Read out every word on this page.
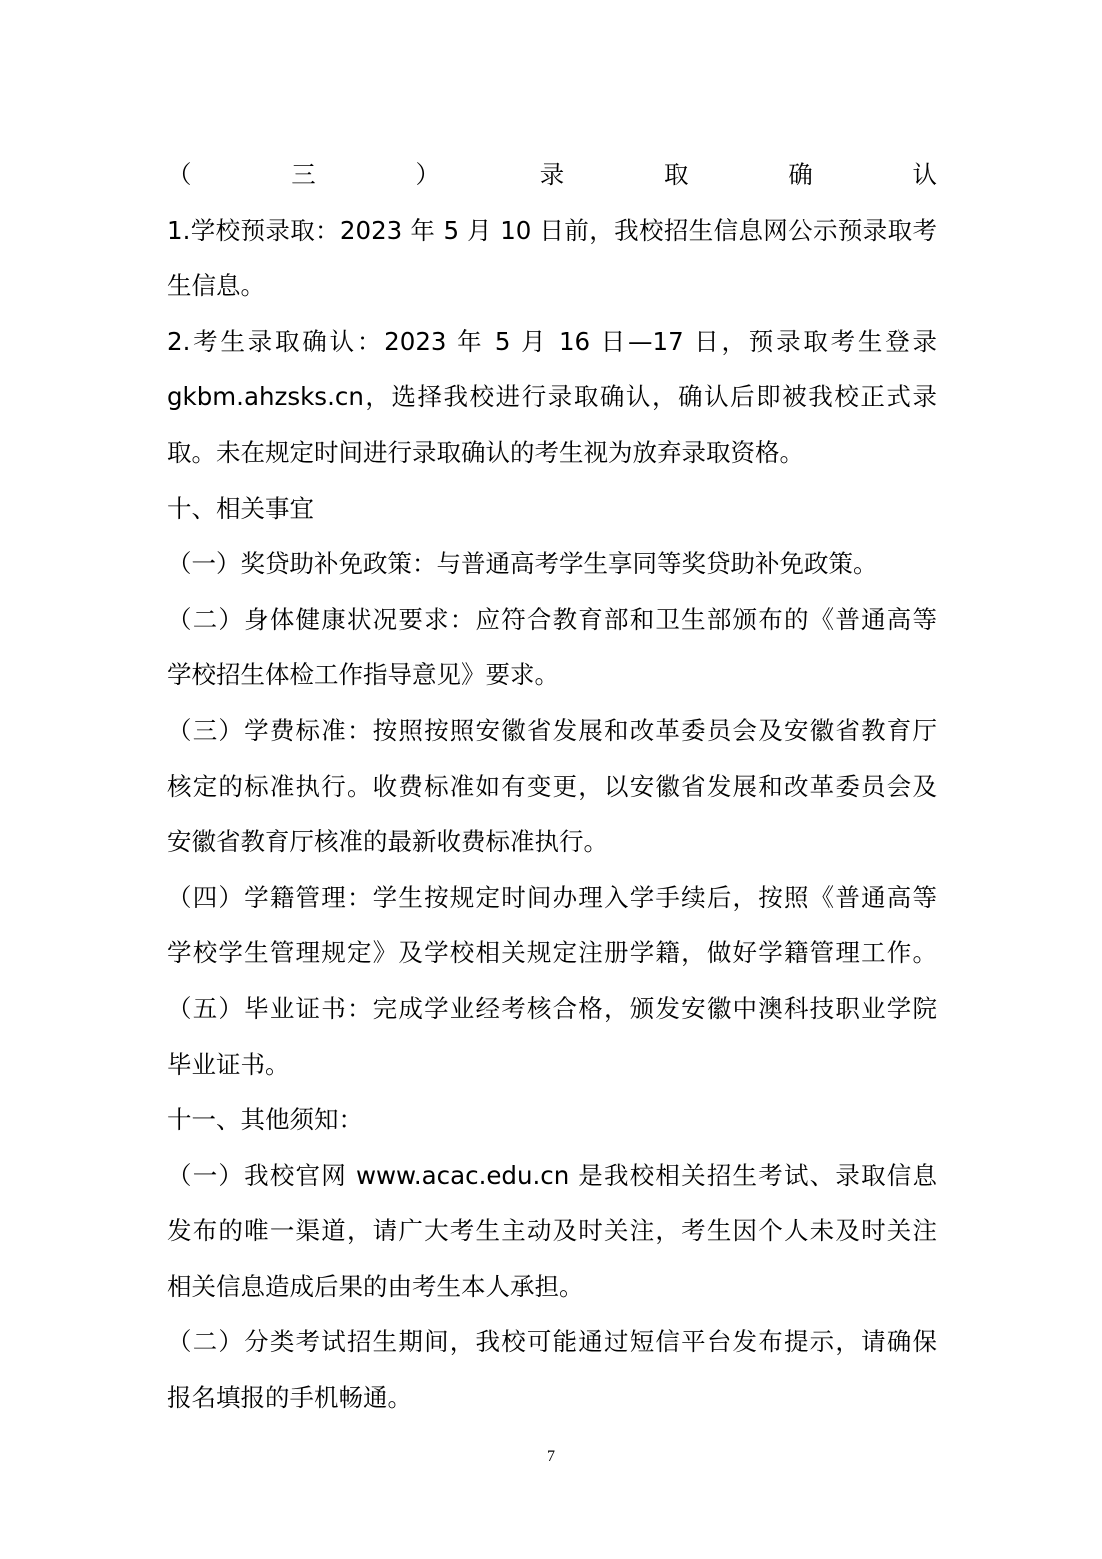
（三）录取确认
1.学校预录取：2023 年 5 月 10 日前，我校招生信息网公示预录取考
生信息。
2.考生录取确认：2023 年 5 月 16 日—17 日，预录取考生登录
gkbm.ahzsks.cn，选择我校进行录取确认，确认后即被我校正式录
取。未在规定时间进行录取确认的考生视为放弃录取资格。
十、相关事宜
（一）奖贷助补免政策：与普通高考学生享同等奖贷助补免政策。
（二）身体健康状况要求：应符合教育部和卫生部颁布的《普通高等
学校招生体检工作指导意见》要求。
（三）学费标准：按照按照安徽省发展和改革委员会及安徽省教育厅
核定的标准执行。收费标准如有变更，以安徽省发展和改革委员会及
安徽省教育厅核准的最新收费标准执行。
（四）学籍管理：学生按规定时间办理入学手续后，按照《普通高等
学校学生管理规定》及学校相关规定注册学籍，做好学籍管理工作。
（五）毕业证书：完成学业经考核合格，颁发安徽中澳科技职业学院
毕业证书。
十一、其他须知：
（一）我校官网 www.acac.edu.cn 是我校相关招生考试、录取信息
发布的唯一渠道，请广大考生主动及时关注，考生因个人未及时关注
相关信息造成后果的由考生本人承担。
（二）分类考试招生期间，我校可能通过短信平台发布提示，请确保
报名填报的手机畅通。
7
